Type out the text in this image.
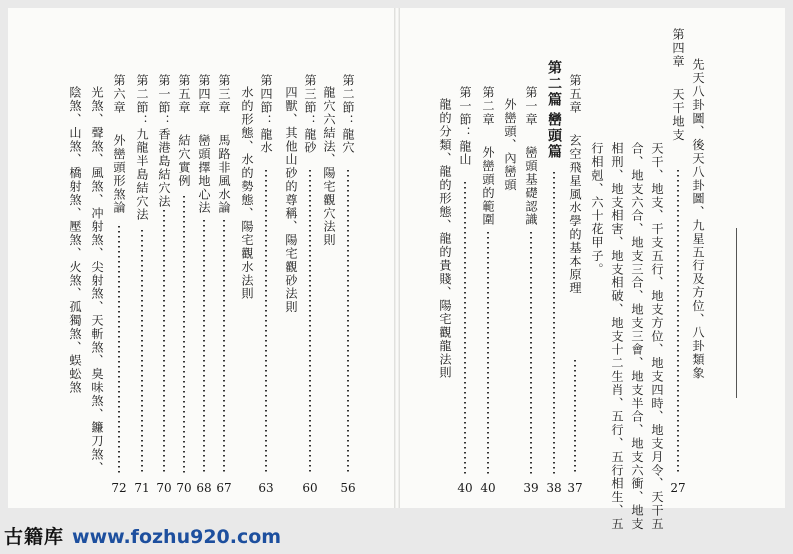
第二節：龍穴
56
龍穴六結法、陽宅觀穴法則
第三節：龍砂
60
四獸、其他山砂的尊稱、陽宅觀砂法則
第四節：龍水
63
水的形態、水的勢態、陽宅觀水法則
第三章
馬路非風水論
67
第四章
巒頭擇地心法
68
第五章
結穴實例
70
第一節：香港島結穴法
70
第二節：九龍半島結穴法
71
第六章
外巒頭形煞論
72
光煞、聲煞、風煞、冲射煞、尖射煞、天斬煞、臭味煞、鐮刀煞、
陰煞、山煞、橋射煞、壓煞、火煞、孤獨煞、蜈蚣煞	先天八卦圖、後天八卦圖、九星五行及方位、八卦類象
第四章
天干地支
27
天干、地支、干支五行、地支方位、地支四時、地支月令、天干五
合、地支六合、地支三合、地支三會、地支半合、地支六衝、地支
相刑、地支相害、地支相破、地支十二生肖、五行、五行相生、五
行相剋、六十花甲子。
第五章
玄空飛星風水學的基本原理
37
第二篇
巒頭篇
38
第一章
巒頭基礎認識
39
外巒頭、內巒頭
第二章
外巒頭的範圍
40
第一節：龍山
40
龍的分類、龍的形態、龍的貴賤、陽宅觀龍法則
古籍库 www.fozhu920.com
